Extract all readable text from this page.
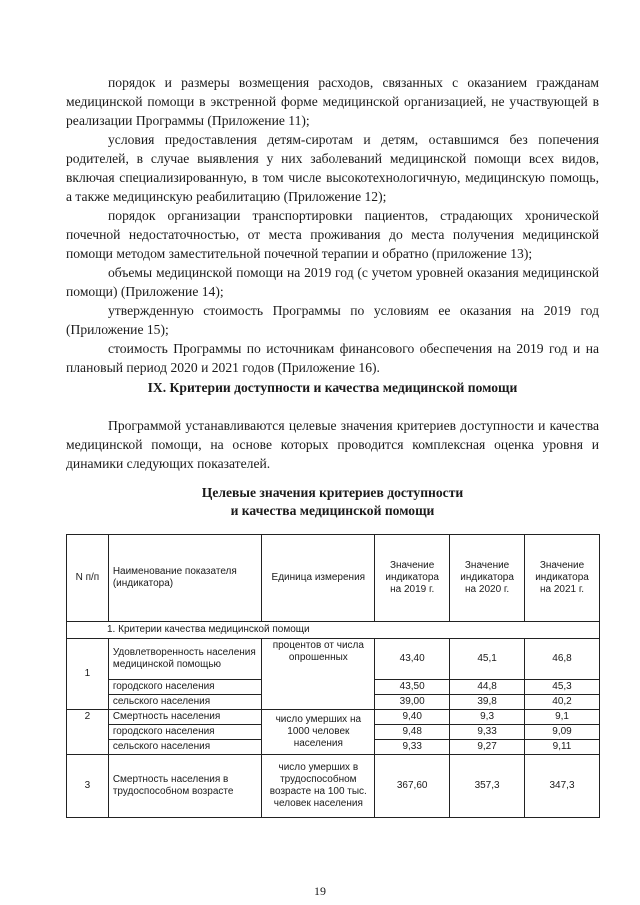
порядок и размеры возмещения расходов, связанных с оказанием гражданам медицинской помощи в экстренной форме медицинской организацией, не участвующей в реализации Программы (Приложение 11);

условия предоставления детям-сиротам и детям, оставшимся без попечения родителей, в случае выявления у них заболеваний медицинской помощи всех видов, включая специализированную, в том числе высокотехнологичную, медицинскую помощь, а также медицинскую реабилитацию (Приложение 12);

порядок организации транспортировки пациентов, страдающих хронической почечной недостаточностью, от места проживания до места получения медицинской помощи методом заместительной почечной терапии и обратно (приложение 13);

объемы медицинской помощи на 2019 год (с учетом уровней оказания медицинской помощи) (Приложение 14);

утвержденную стоимость Программы по условиям ее оказания на 2019 год (Приложение 15);

стоимость Программы по источникам финансового обеспечения на 2019 год и на плановый период 2020 и 2021 годов (Приложение 16).

IX. Критерии доступности и качества медицинской помощи

Программой устанавливаются целевые значения критериев доступности и качества медицинской помощи, на основе которых проводится комплексная оценка уровня и динамики следующих показателей.

Целевые значения критериев доступности
и качества медицинской помощи
N п/п	Наименование показателя (индикатора)	Единица измерения	Значение индикатора на 2019 г.	Значение индикатора на 2020 г.	Значение индикатора на 2021 г.
1. Критерии качества медицинской помощи					
1	Удовлетворенность населения медицинской помощью	процентов от числа опрошенных	43,40	45,1	46,8
	городского населения		43,50	44,8	45,3
	сельского населения		39,00	39,8	40,2
2	Смертность населения	число умерших на 1000 человек населения	9,40	9,3	9,1
	городского населения		9,48	9,33	9,09
	сельского населения		9,33	9,27	9,11
3	Смертность населения в трудоспособном возрасте	число умерших в трудоспособном возрасте на 100 тыс. человек населения	367,60	357,3	347,3
19
